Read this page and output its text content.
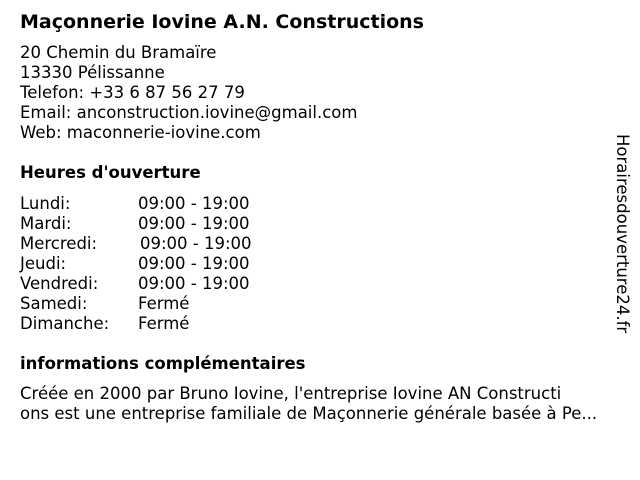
Maçonnerie Iovine A.N. Constructions
20 Chemin du Bramaïre
13330 Pélissanne
Telefon: +33 6 87 56 27 79
Email: anconstruction.iovine@gmail.com
Web: maconnerie-iovine.com
Heures d'ouverture
Lundi:	09:00 - 19:00
Mardi:	09:00 - 19:00
Mercredi:	09:00 - 19:00
Jeudi:	09:00 - 19:00
Vendredi: 09:00 - 19:00
Samedi:	Fermé
Dimanche: Fermé
informations complémentaires
Créée en 2000 par Bruno Iovine, l'entreprise Iovine AN Constructi
ons est une entreprise familiale de Maçonnerie générale basée à Pe...
Horairesdouverture24.fr
